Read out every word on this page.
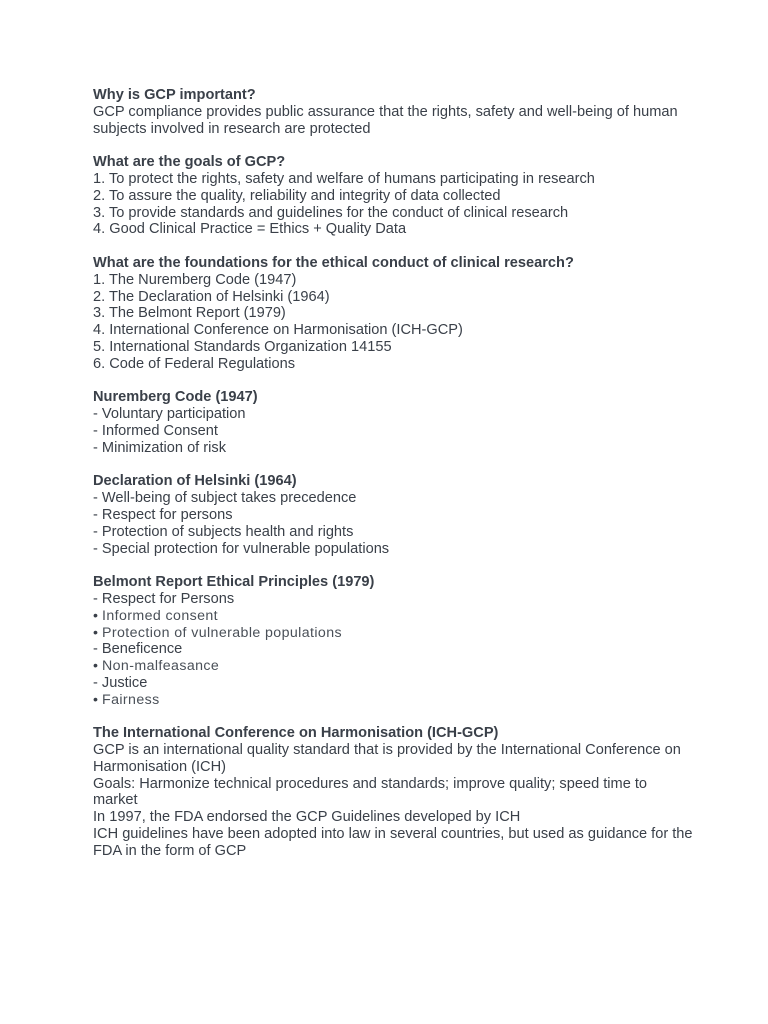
Why is GCP important?

GCP compliance provides public assurance that the rights, safety and well-being of human subjects involved in research are protected

What are the goals of GCP?

1. To protect the rights, safety and welfare of humans participating in research

2. To assure the quality, reliability and integrity of data collected

3. To provide standards and guidelines for the conduct of clinical research

4. Good Clinical Practice = Ethics + Quality Data

What are the foundations for the ethical conduct of clinical research?

1. The Nuremberg Code (1947)

2. The Declaration of Helsinki (1964)

3. The Belmont Report (1979)

4. International Conference on Harmonisation (ICH-GCP)

5. International Standards Organization 14155

6. Code of Federal Regulations

Nuremberg Code (1947)

- Voluntary participation

- Informed Consent

- Minimization of risk

Declaration of Helsinki (1964)

- Well-being of subject takes precedence

- Respect for persons

- Protection of subjects health and rights

- Special protection for vulnerable populations

Belmont Report Ethical Principles (1979)

- Respect for Persons

• Informed consent

• Protection of vulnerable populations

- Beneficence

• Non-malfeasance

- Justice

• Fairness

The International Conference on Harmonisation (ICH-GCP)

GCP is an international quality standard that is provided by the International Conference on Harmonisation (ICH)

Goals: Harmonize technical procedures and standards; improve quality; speed time to market

In 1997, the FDA endorsed the GCP Guidelines developed by ICH

ICH guidelines have been adopted into law in several countries, but used as guidance for the FDA in the form of GCP
